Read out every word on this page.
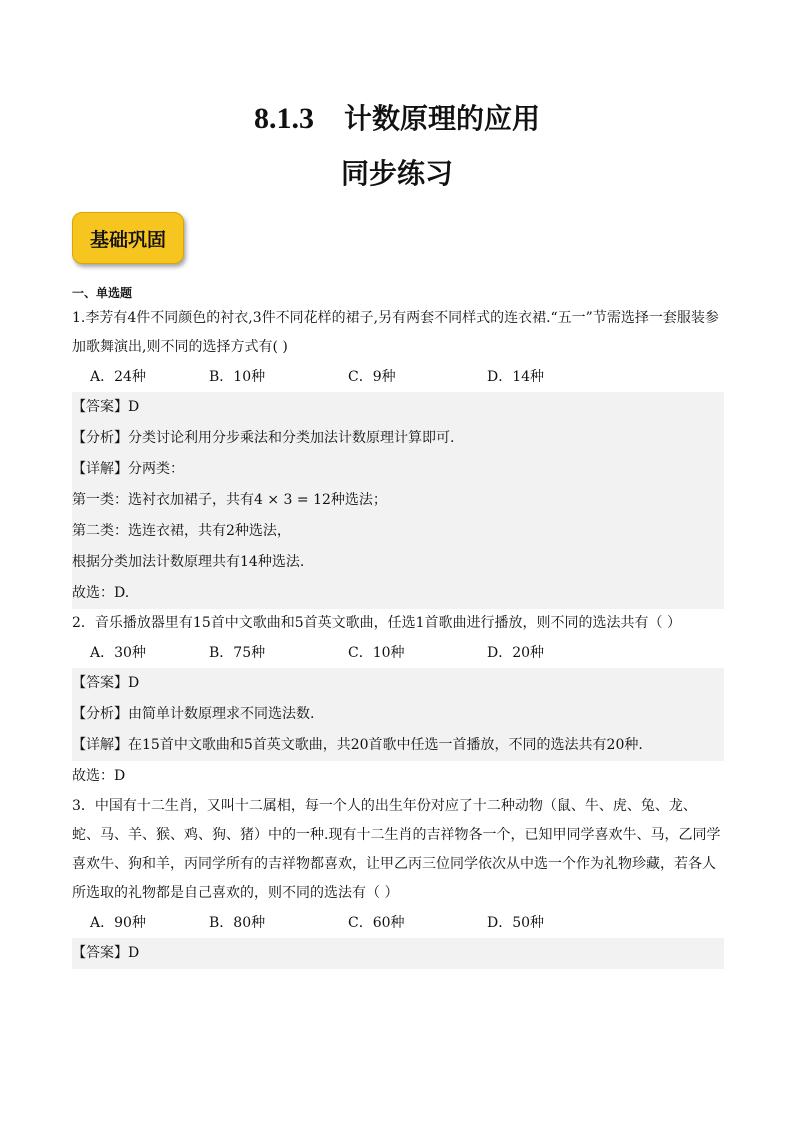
8.1.3 计数原理的应用
同步练习
基础巩固
一、单选题
1.李芳有4件不同颜色的衬衣,3件不同花样的裙子,另有两套不同样式的连衣裙.“五一”节需选择一套服装参加歌舞演出,则不同的选择方式有( )
A．24种	B．10种	C．9种	D．14种
【答案】D
【分析】分类讨论利用分步乘法和分类加法计数原理计算即可.
【详解】分两类：
第一类：选衬衣加裙子，共有4 × 3 = 12种选法；
第二类：选连衣裙，共有2种选法，
根据分类加法计数原理共有14种选法.
故选：D.
2．音乐播放器里有15首中文歌曲和5首英文歌曲，任选1首歌曲进行播放，则不同的选法共有（ ）
A．30种	B．75种	C．10种	D．20种
【答案】D
【分析】由简单计数原理求不同选法数.
【详解】在15首中文歌曲和5首英文歌曲，共20首歌中任选一首播放，不同的选法共有20种.
故选：D
3．中国有十二生肖，又叫十二属相，每一个人的出生年份对应了十二种动物（鼠、牛、虎、兔、龙、蛇、马、羊、猴、鸡、狗、猪）中的一种.现有十二生肖的吉祥物各一个，已知甲同学喜欢牛、马，乙同学喜欢牛、狗和羊，丙同学所有的吉祥物都喜欢，让甲乙丙三位同学依次从中选一个作为礼物珍藏，若各人所选取的礼物都是自己喜欢的，则不同的选法有（ ）
A．90种	B．80种	C．60种	D．50种
【答案】D
